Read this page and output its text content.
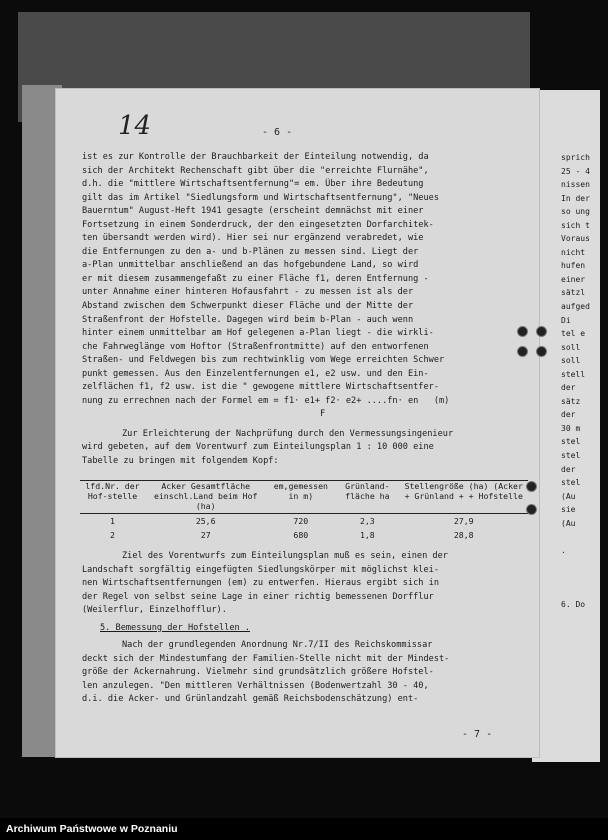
14	- 6 -
ist es zur Kontrolle der Brauchbarkeit der Einteilung notwendig, da
sich der Architekt Rechenschaft gibt über die "erreichte Flurnähe",
d.h. die "mittlere Wirtschaftsentfernung"= em. Über ihre Bedeutung
gilt das im Artikel "Siedlungsform und Wirtschaftsentfernung", "Neues
Bauerntum" August-Heft 1941 gesagte (erscheint demnächst mit einer
Fortsetzung in einem Sonderdruck, der den eingesetzten Dorfarchitek-
ten übersandt werden wird). Hier sei nur ergänzend verabredet, wie
die Entfernungen zu den a- und b-Plänen zu messen sind. Liegt der
a-Plan unmittelbar anschließend an das hofgebundene Land, so wird
er mit diesem zusammengefaßt zu einer Fläche f1, deren Entfernung -
unter Annahme einer hinteren Hofausfahrt - zu messen ist als der
Abstand zwischen dem Schwerpunkt dieser Fläche und der Mitte der
Straßenfront der Hofstelle. Dagegen wird beim b-Plan - auch wenn
hinter einem unmittelbar am Hof gelegenen a-Plan liegt - die wirkli-
che Fahrweglänge vom Hoftor (Straßenfrontmitte) auf den entworfenen
Straßen- und Feldwegen bis zum rechtwinklig vom Wege erreichten Schwer
punkt gemessen. Aus den Einzelentfernungen e1, e2 usw. und den Ein-
zelflächen f1, f2 usw. ist die " gewogene mittlere Wirtschaftsentfer-
nung zu errechnen nach der Formel em = f1· e1+ f2· e2+ ....fn· en   (m)
F
Zur Erleichterung der Nachprüfung durch den Vermessungsingenieur
wird gebeten, auf dem Vorentwurf zum Einteilungsplan 1 : 10 000 eine
Tabelle zu bringen mit folgendem Kopf:
lfd.Nr. der Hof-stelle	Acker Gesamtfläche einschl.Land beim Hof (ha)	em,gemessen in m)	Grünland-fläche ha	Stellengröße (ha) (Acker + Grünland + + Hofstelle
1	25,6	720	2,3	27,9
2	27	680	1,8	28,8
Ziel des Vorentwurfs zum Einteilungsplan muß es sein, einen der
Landschaft sorgfältig eingefügten Siedlungskörper mit möglichst klei-
nen Wirtschaftsentfernungen (em) zu entwerfen. Hieraus ergibt sich in
der Regel von selbst seine Lage in einer richtig bemessenen Dorfflur
(Weilerflur, Einzelhofflur).
5. Bemessung der Hofstellen .
Nach der grundlegenden Anordnung Nr.7/II des Reichskommissar
deckt sich der Mindestumfang der Familien-Stelle nicht mit der Mindest-
größe der Ackernahrung. Vielmehr sind grundsätzlich größere Hofstel-
len anzulegen. "Den mittleren Verhältnissen (Bodenwertzahl 30 - 40,
d.i. die Acker- und Grünlandzahl gemäß Reichsbodenschätzung) ent-
sprich
25 - 4
nissen
In der
so ung
sich t
Voraus
nicht
hufen
einer
sätzl
aufged
Di
tel e
soll
soll
stell
der
sätz
der
30 m
stel
stel
der
stel
(Au
sie
(Au

.

6. Do

- 7 -
Archiwum Państwowe w Poznaniu
